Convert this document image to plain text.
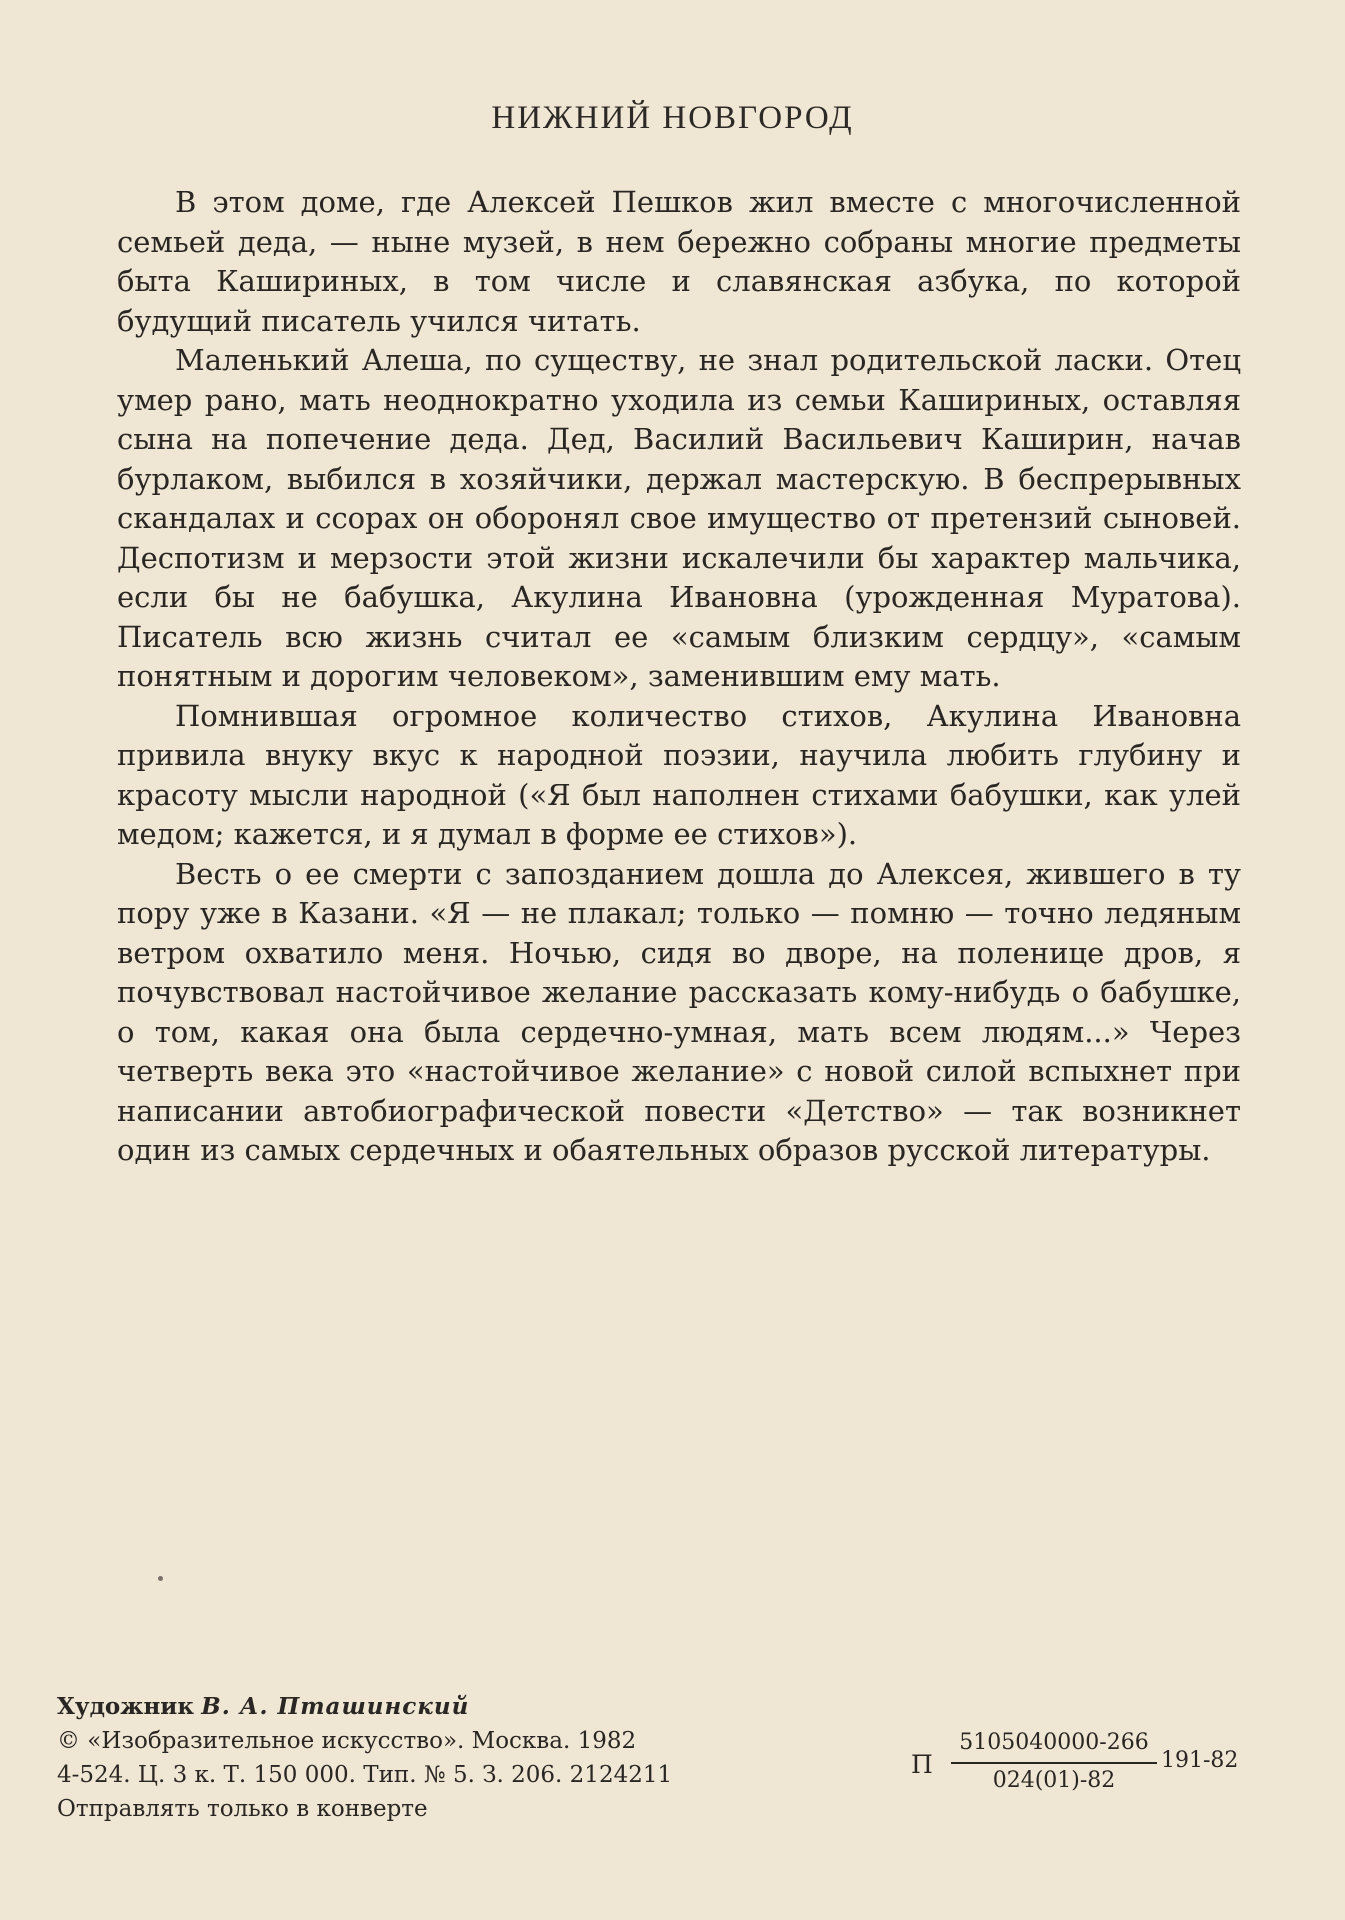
НИЖНИЙ НОВГОРОД

В этом доме, где Алексей Пешков жил вместе с многочисленной семьей деда, — ныне музей, в нем бережно собраны многие предметы быта Кашириных, в том числе и славянская азбука, по которой будущий писатель учился читать.

Маленький Алеша, по существу, не знал родительской ласки. Отец умер рано, мать неоднократно уходила из семьи Кашириных, оставляя сына на попечение деда. Дед, Василий Васильевич Каширин, начав бурлаком, выбился в хозяйчики, держал мастерскую. В беспрерывных скандалах и ссорах он оборонял свое имущество от претензий сыновей. Деспотизм и мерзости этой жизни искалечили бы характер мальчика, если бы не бабушка, Акулина Ивановна (урожденная Муратова). Писатель всю жизнь считал ее «самым близким сердцу», «самым понятным и дорогим человеком», заменившим ему мать.

Помнившая огромное количество стихов, Акулина Ивановна привила внуку вкус к народной поэзии, научила любить глубину и красоту мысли народной («Я был наполнен стихами бабушки, как улей медом; кажется, и я думал в форме ее стихов»).

Весть о ее смерти с запозданием дошла до Алексея, жившего в ту пору уже в Казани. «Я — не плакал; только — помню — точно ледяным ветром охватило меня. Ночью, сидя во дворе, на поленице дров, я почувствовал настойчивое желание рассказать кому-нибудь о бабушке, о том, какая она была сердечно-умная, мать всем людям...» Через четверть века это «настойчивое желание» с новой силой вспыхнет при написании автобиографической повести «Детство» — так возникнет один из самых сердечных и обаятельных образов русской литературы.

Художник В. А. Пташинский
© «Изобразительное искусство». Москва. 1982
4-524. Ц. 3 к. Т. 150 000. Тип. № 5. З. 206. 2124211
Отправлять только в конверте
П
5105040000-266
024(01)-82
191-82
